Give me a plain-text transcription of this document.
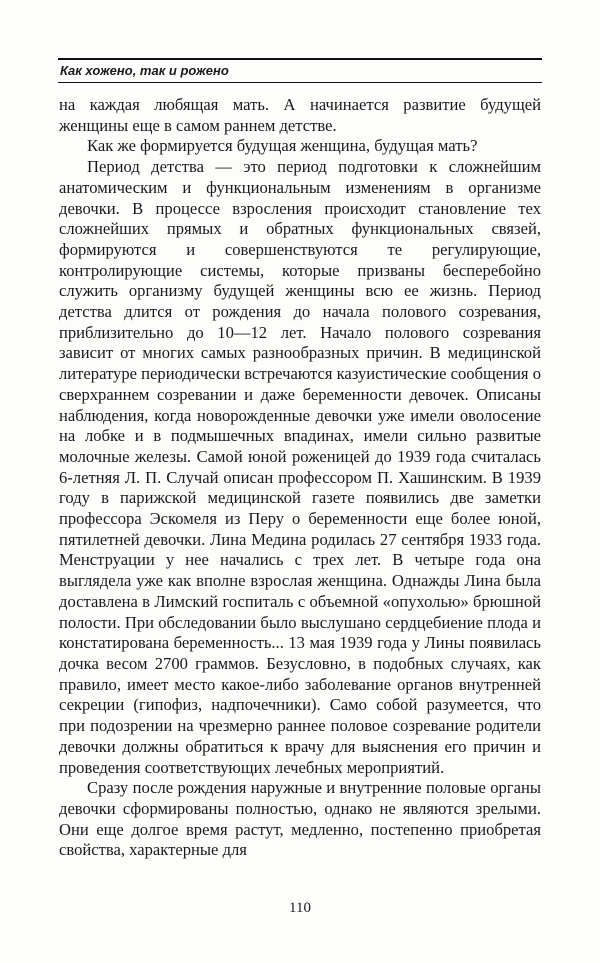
Как хожено, так и рожено

на каждая любящая мать. А начинается развитие будущей женщины еще в самом раннем детстве.

Как же формируется будущая женщина, будущая мать?

Период детства — это период подготовки к сложнейшим анатомическим и функциональным изменениям в организме девочки. В процессе взросления происходит становление тех сложнейших прямых и обратных функциональных связей, формируются и совершенствуются те регулирующие, контролирующие системы, которые призваны бесперебойно служить организму будущей женщины всю ее жизнь. Период детства длится от рождения до начала полового созревания, приблизительно до 10—12 лет. Начало полового созревания зависит от многих самых разнообразных причин. В медицинской литературе периодически встречаются казуистические сообщения о сверхраннем созревании и даже беременности девочек. Описаны наблюдения, когда новорожденные девочки уже имели оволосение на лобке и в подмышечных впадинах, имели сильно развитые молочные железы. Самой юной роженицей до 1939 года считалась 6-летняя Л. П. Случай описан профессором П. Хашинским. В 1939 году в парижской медицинской газете появились две заметки профессора Эскомеля из Перу о беременности еще более юной, пятилетней девочки. Лина Медина родилась 27 сентября 1933 года. Менструации у нее начались с трех лет. В четыре года она выглядела уже как вполне взрослая женщина. Однажды Лина была доставлена в Лимский госпиталь с объемной «опухолью» брюшной полости. При обследовании было выслушано сердцебиение плода и констатирована беременность... 13 мая 1939 года у Лины появилась дочка весом 2700 граммов. Безусловно, в подобных случаях, как правило, имеет место какое-либо заболевание органов внутренней секреции (гипофиз, надпочечники). Само собой разумеется, что при подозрении на чрезмерно раннее половое созревание родители девочки должны обратиться к врачу для выяснения его причин и проведения соответствующих лечебных мероприятий.

Сразу после рождения наружные и внутренние половые органы девочки сформированы полностью, однако не являются зрелыми. Они еще долгое время растут, медленно, постепенно приобретая свойства, характерные для

110
